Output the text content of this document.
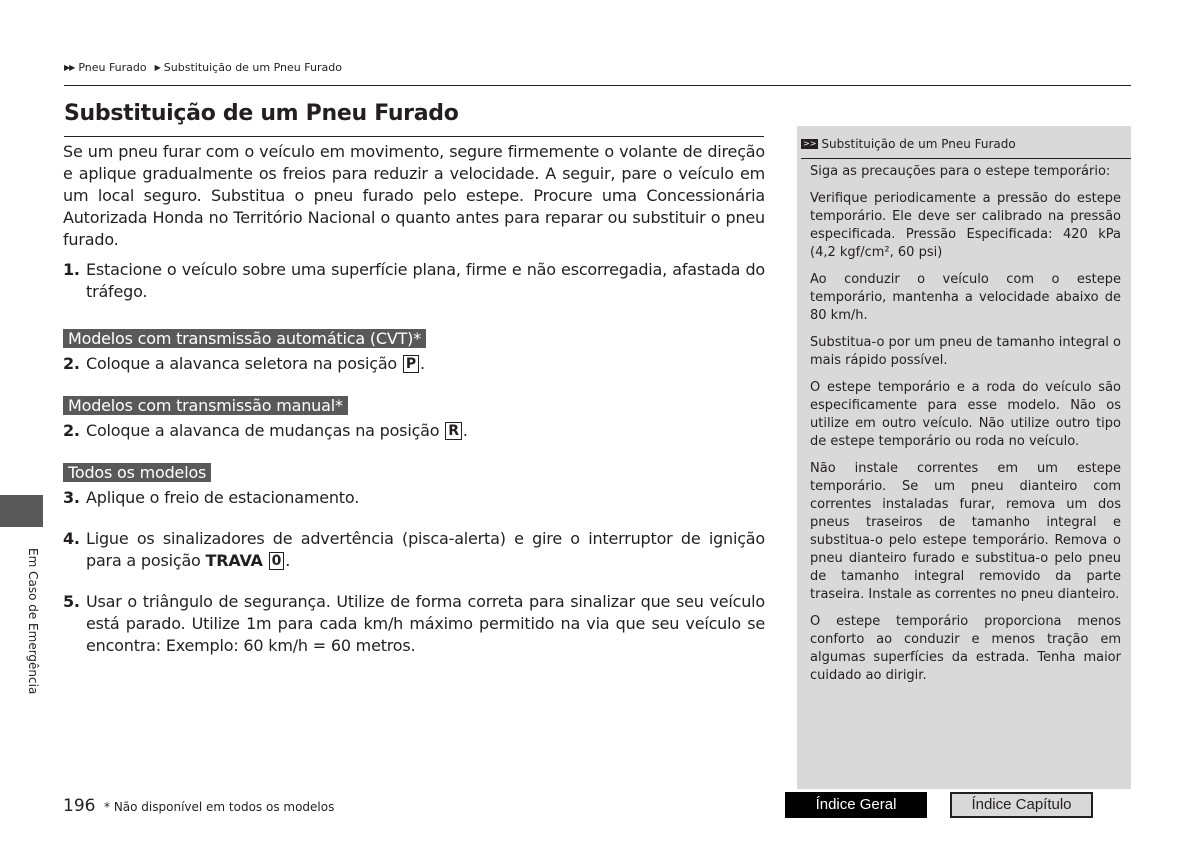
▶▶ Pneu Furado ▶ Substituição de um Pneu Furado
Substituição de um Pneu Furado

Se um pneu furar com o veículo em movimento, segure firmemente o volante de direção e aplique gradualmente os freios para reduzir a velocidade. A seguir, pare o veículo em um local seguro. Substitua o pneu furado pelo estepe. Procure uma Concessionária Autorizada Honda no Território Nacional o quanto antes para reparar ou substituir o pneu furado.

1. Estacione o veículo sobre uma superfície plana, firme e não escorregadia, afastada do tráfego.
Modelos com transmissão automática (CVT)*
2. Coloque a alavanca seletora na posição P .
Modelos com transmissão manual*
2. Coloque a alavanca de mudanças na posição R .
Todos os modelos
3. Aplique o freio de estacionamento.
4. Ligue os sinalizadores de advertência (pisca-alerta) e gire o interruptor de ignição para a posição TRAVA 0 .
5. Usar o triângulo de segurança. Utilize de forma correta para sinalizar que seu veículo está parado. Utilize 1m para cada km/h máximo permitido na via que seu veículo se encontra: Exemplo: 60 km/h = 60 metros.
Em Caso de Emergência
>> Substituição de um Pneu Furado

Siga as precauções para o estepe temporário:

Verifique periodicamente a pressão do estepe temporário. Ele deve ser calibrado na pressão especificada. Pressão Especificada: 420 kPa (4,2 kgf/cm², 60 psi)

Ao conduzir o veículo com o estepe temporário, mantenha a velocidade abaixo de 80 km/h.

Substitua-o por um pneu de tamanho integral o mais rápido possível.

O estepe temporário e a roda do veículo são especificamente para esse modelo. Não os utilize em outro veículo. Não utilize outro tipo de estepe temporário ou roda no veículo.

Não instale correntes em um estepe temporário. Se um pneu dianteiro com correntes instaladas furar, remova um dos pneus traseiros de tamanho integral e substitua-o pelo estepe temporário. Remova o pneu dianteiro furado e substitua-o pelo pneu de tamanho integral removido da parte traseira. Instale as correntes no pneu dianteiro.

O estepe temporário proporciona menos conforto ao conduzir e menos tração em algumas superfícies da estrada. Tenha maior cuidado ao dirigir.

196 * Não disponível em todos os modelos	Índice Geral	Índice Capítulo
